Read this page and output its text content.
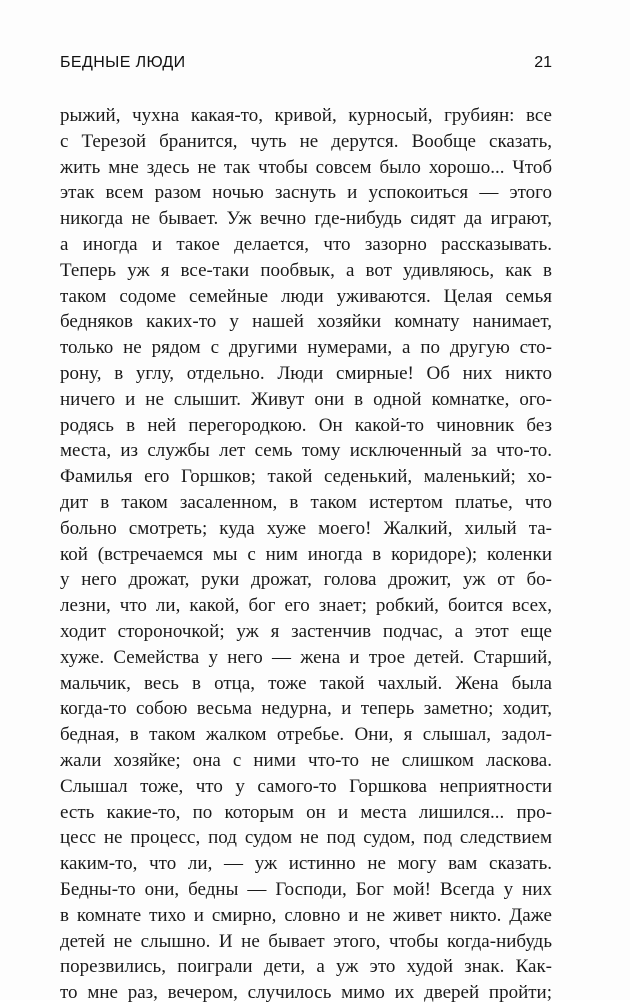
БЕДНЫЕ ЛЮДИ	21
рыжий, чухна какая-то, кривой, курносый, грубиян: все
с Терезой бранится, чуть не дерутся. Вообще сказать,
жить мне здесь не так чтобы совсем было хорошо... Чтоб
этак всем разом ночью заснуть и успокоиться — этого
никогда не бывает. Уж вечно где-нибудь сидят да играют,
а иногда и такое делается, что зазорно рассказывать.
Теперь уж я все-таки пообвык, а вот удивляюсь, как в
таком содоме семейные люди уживаются. Целая семья
бедняков каких-то у нашей хозяйки комнату нанимает,
только не рядом с другими нумерами, а по другую сто-
рону, в углу, отдельно. Люди смирные! Об них никто
ничего и не слышит. Живут они в одной комнатке, ого-
родясь в ней перегородкою. Он какой-то чиновник без
места, из службы лет семь тому исключенный за что-то.
Фамилья его Горшков; такой седенький, маленький; хо-
дит в таком засаленном, в таком истертом платье, что
больно смотреть; куда хуже моего! Жалкий, хилый та-
кой (встречаемся мы с ним иногда в коридоре); коленки
у него дрожат, руки дрожат, голова дрожит, уж от бо-
лезни, что ли, какой, бог его знает; робкий, боится всех,
ходит стороночкой; уж я застенчив подчас, а этот еще
хуже. Семейства у него — жена и трое детей. Старший,
мальчик, весь в отца, тоже такой чахлый. Жена была
когда-то собою весьма недурна, и теперь заметно; ходит,
бедная, в таком жалком отребье. Они, я слышал, задол-
жали хозяйке; она с ними что-то не слишком ласкова.
Слышал тоже, что у самого-то Горшкова неприятности
есть какие-то, по которым он и места лишился... про-
цесс не процесс, под судом не под судом, под следствием
каким-то, что ли, — уж истинно не могу вам сказать.
Бедны-то они, бедны — Господи, Бог мой! Всегда у них
в комнате тихо и смирно, словно и не живет никто. Даже
детей не слышно. И не бывает этого, чтобы когда-нибудь
порезвились, поиграли дети, а уж это худой знак. Как-
то мне раз, вечером, случилось мимо их дверей пройти;
